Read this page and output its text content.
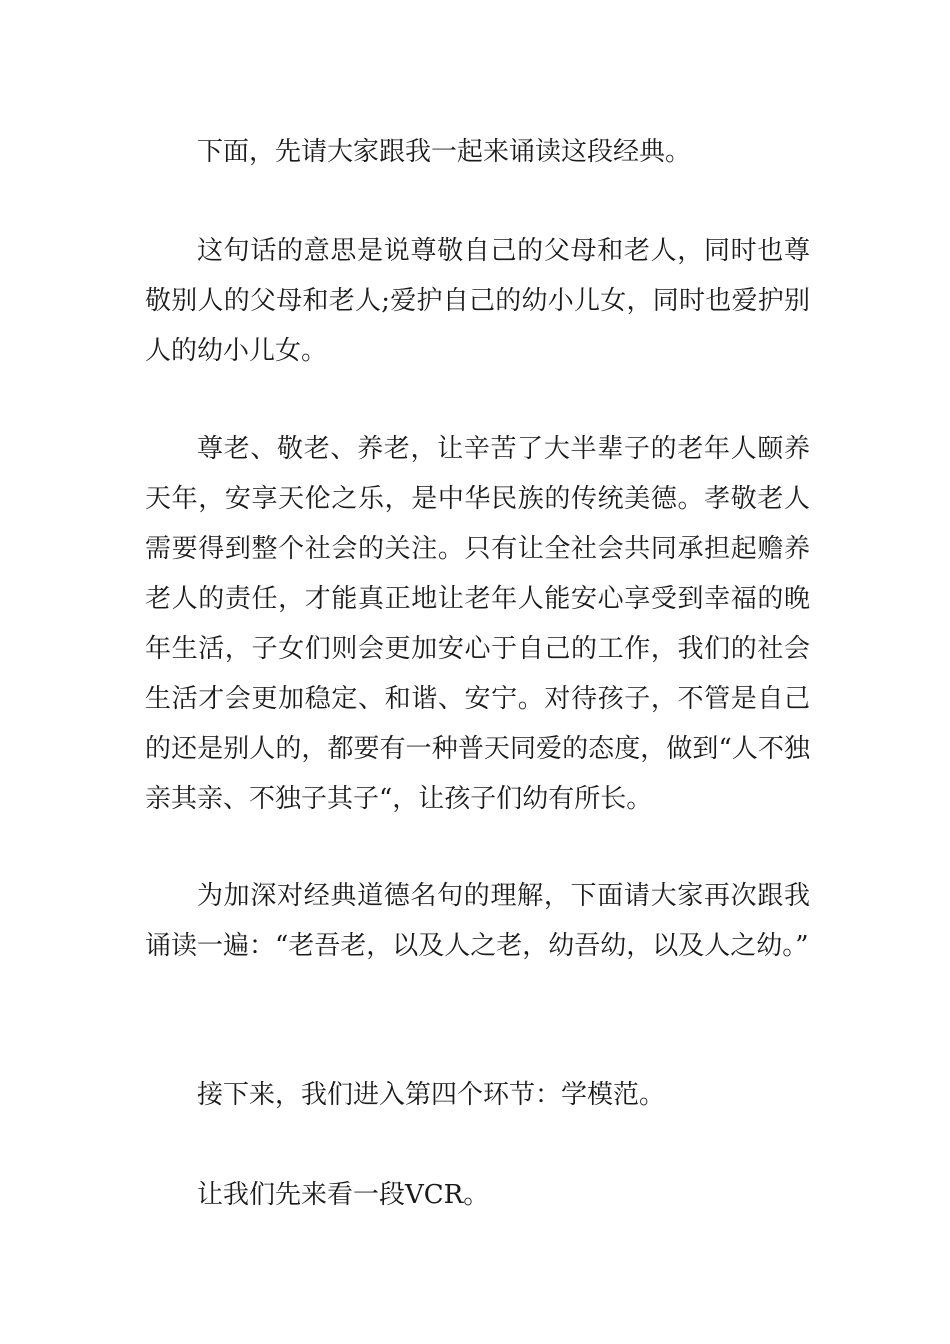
下面，先请大家跟我一起来诵读这段经典。

这句话的意思是说尊敬自己的父母和老人，同时也尊敬别人的父母和老人;爱护自己的幼小儿女，同时也爱护别人的幼小儿女。

尊老、敬老、养老，让辛苦了大半辈子的老年人颐养天年，安享天伦之乐，是中华民族的传统美德。孝敬老人需要得到整个社会的关注。只有让全社会共同承担起赡养老人的责任，才能真正地让老年人能安心享受到幸福的晚年生活，子女们则会更加安心于自己的工作，我们的社会生活才会更加稳定、和谐、安宁。对待孩子，不管是自己的还是别人的，都要有一种普天同爱的态度，做到“人不独亲其亲、不独子其子“，让孩子们幼有所长。

为加深对经典道德名句的理解，下面请大家再次跟我诵读一遍：“老吾老，以及人之老，幼吾幼，以及人之幼。”

接下来，我们进入第四个环节：学模范。

让我们先来看一段VCR。
